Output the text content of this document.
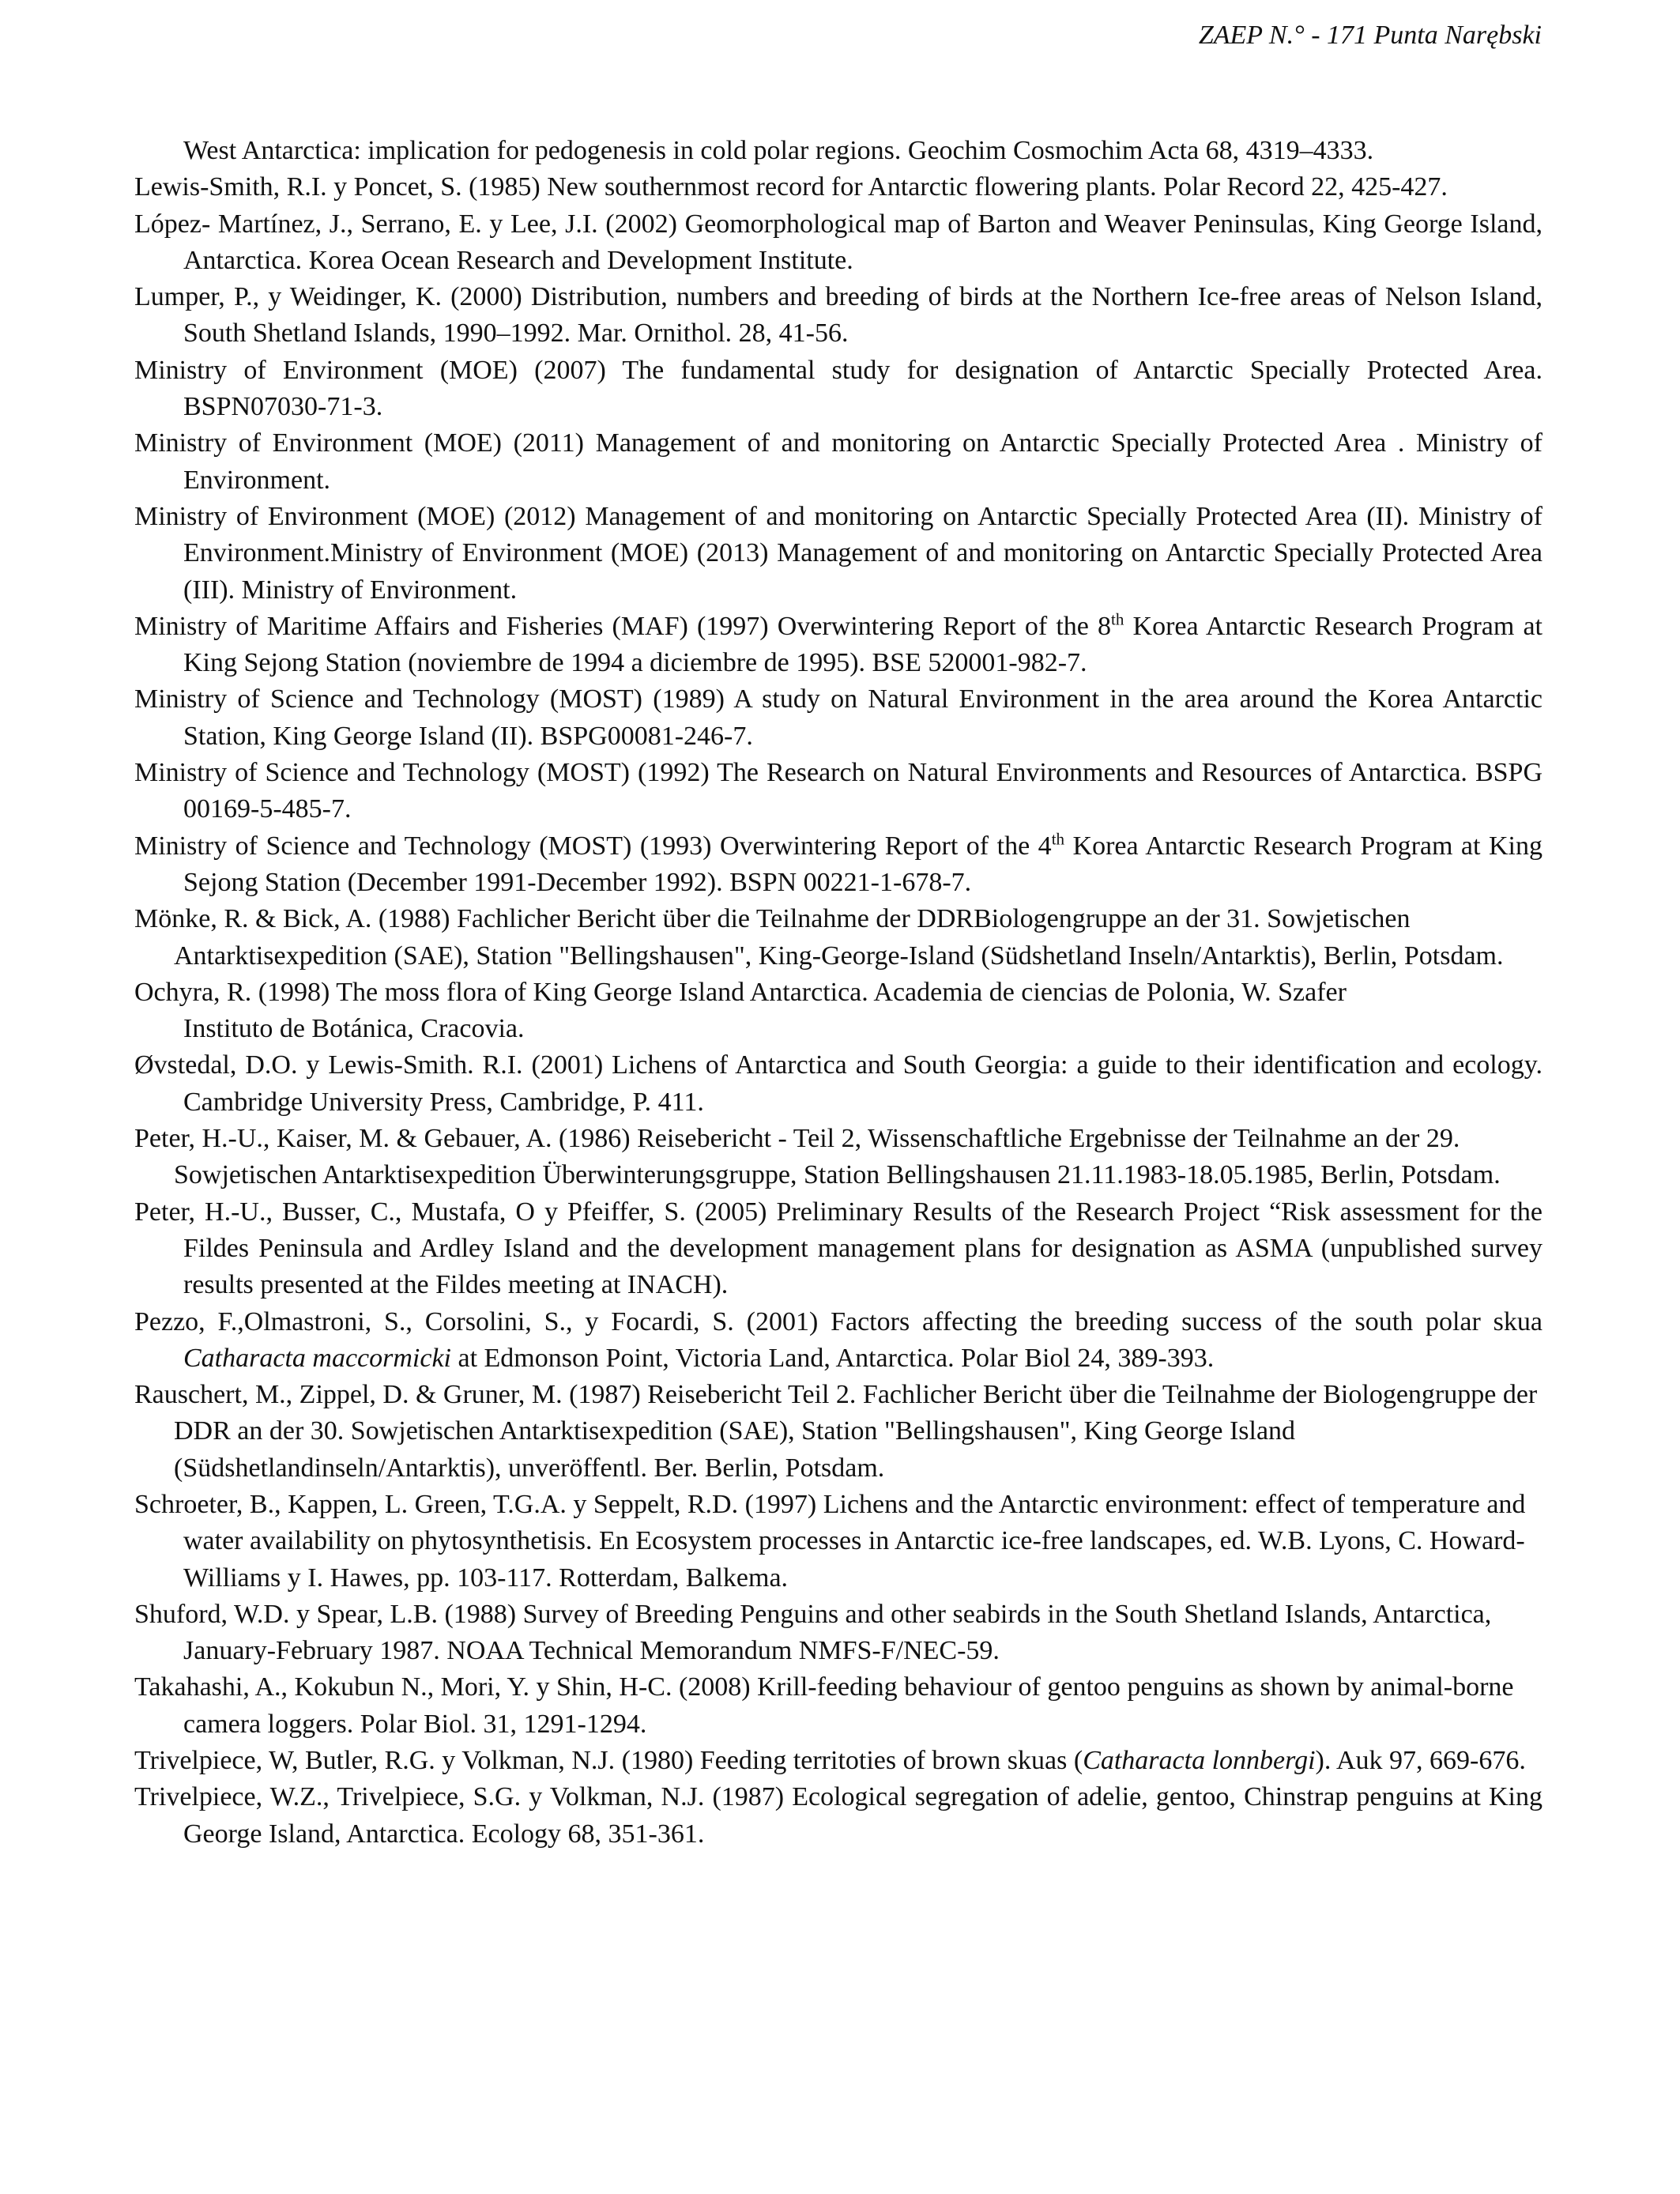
ZAEP N.° - 171 Punta Narębski

West Antarctica: implication for pedogenesis in cold polar regions. Geochim Cosmochim Acta 68, 4319–4333.

Lewis-Smith, R.I. y Poncet, S. (1985) New southernmost record for Antarctic flowering plants. Polar Record 22, 425-427.

López- Martínez, J., Serrano, E. y Lee, J.I. (2002) Geomorphological map of Barton and Weaver Peninsulas, King George Island, Antarctica. Korea Ocean Research and Development Institute.

Lumper, P., y Weidinger, K. (2000) Distribution, numbers and breeding of birds at the Northern Ice-free areas of Nelson Island, South Shetland Islands, 1990–1992. Mar. Ornithol. 28, 41-56.

Ministry of Environment (MOE) (2007) The fundamental study for designation of Antarctic Specially Protected Area. BSPN07030-71-3.

Ministry of Environment (MOE) (2011) Management of and monitoring on Antarctic Specially Protected Area . Ministry of Environment.

Ministry of Environment (MOE) (2012) Management of and monitoring on Antarctic Specially Protected Area (II). Ministry of Environment.Ministry of Environment (MOE) (2013) Management of and monitoring on Antarctic Specially Protected Area (III). Ministry of Environment.

Ministry of Maritime Affairs and Fisheries (MAF) (1997) Overwintering Report of the 8th Korea Antarctic Research Program at King Sejong Station (noviembre de 1994 a diciembre de 1995). BSE 520001-982-7.

Ministry of Science and Technology (MOST) (1989) A study on Natural Environment in the area around the Korea Antarctic Station, King George Island (II). BSPG00081-246-7.

Ministry of Science and Technology (MOST) (1992) The Research on Natural Environments and Resources of Antarctica. BSPG 00169-5-485-7.

Ministry of Science and Technology (MOST) (1993) Overwintering Report of the 4th Korea Antarctic Research Program at King Sejong Station (December 1991-December 1992). BSPN 00221-1-678-7.

Mönke, R. & Bick, A. (1988) Fachlicher Bericht über die Teilnahme der DDRBiologengruppe an der 31. Sowjetischen Antarktisexpedition (SAE), Station "Bellingshausen", King-George-Island (Südshetland Inseln/Antarktis), Berlin, Potsdam.

Ochyra, R. (1998) The moss flora of King George Island Antarctica. Academia de ciencias de Polonia, W. Szafer

Instituto de Botánica, Cracovia.

Øvstedal, D.O. y Lewis-Smith. R.I. (2001) Lichens of Antarctica and South Georgia: a guide to their identification and ecology. Cambridge University Press, Cambridge, P. 411.

Peter, H.-U., Kaiser, M. & Gebauer, A. (1986) Reisebericht - Teil 2, Wissenschaftliche Ergebnisse der Teilnahme an der 29. Sowjetischen Antarktisexpedition Überwinterungsgruppe, Station Bellingshausen 21.11.1983-18.05.1985, Berlin, Potsdam.

Peter, H.-U., Busser, C., Mustafa, O y Pfeiffer, S. (2005) Preliminary Results of the Research Project “Risk assessment for the Fildes Peninsula and Ardley Island and the development management plans for designation as ASMA (unpublished survey results presented at the Fildes meeting at INACH).

Pezzo, F.,Olmastroni, S., Corsolini, S., y Focardi, S. (2001) Factors affecting the breeding success of the south polar skua Catharacta maccormicki at Edmonson Point, Victoria Land, Antarctica. Polar Biol 24, 389-393.

Rauschert, M., Zippel, D. & Gruner, M. (1987) Reisebericht Teil 2. Fachlicher Bericht über die Teilnahme der Biologengruppe der DDR an der 30. Sowjetischen Antarktisexpedition (SAE), Station "Bellingshausen", King George Island (Südshetlandinseln/Antarktis), unveröffentl. Ber. Berlin, Potsdam.

Schroeter, B., Kappen, L. Green, T.G.A. y Seppelt, R.D. (1997) Lichens and the Antarctic environment: effect of temperature and water availability on phytosynthetisis. En Ecosystem processes in Antarctic ice-free landscapes, ed. W.B. Lyons, C. Howard-Williams y I. Hawes, pp. 103-117. Rotterdam, Balkema.

Shuford, W.D. y Spear, L.B. (1988) Survey of Breeding Penguins and other seabirds in the South Shetland Islands, Antarctica, January-February 1987. NOAA Technical Memorandum NMFS-F/NEC-59.

Takahashi, A., Kokubun N., Mori, Y. y Shin, H-C. (2008) Krill-feeding behaviour of gentoo penguins as shown by animal-borne camera loggers. Polar Biol. 31, 1291-1294.

Trivelpiece, W, Butler, R.G. y Volkman, N.J. (1980) Feeding territoties of brown skuas (Catharacta lonnbergi). Auk 97, 669-676.

Trivelpiece, W.Z., Trivelpiece, S.G. y Volkman, N.J. (1987) Ecological segregation of adelie, gentoo, Chinstrap penguins at King George Island, Antarctica. Ecology 68, 351-361.
